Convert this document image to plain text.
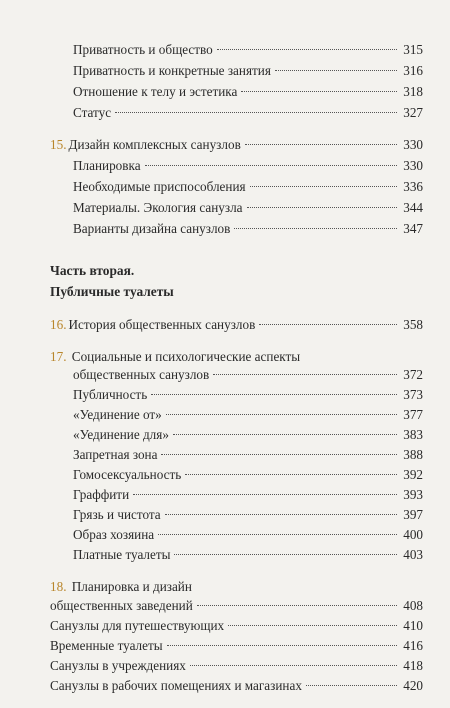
Приватность и общество	315
Приватность и конкретные занятия	316
Отношение к телу и эстетика	318
Статус	327
15. Дизайн комплексных санузлов	330
Планировка	330
Необходимые приспособления	336
Материалы. Экология санузла	344
Варианты дизайна санузлов	347
Часть вторая.
Публичные туалеты
16. История общественных санузлов	358
17. Социальные и психологические аспекты
общественных санузлов	372
Публичность	373
«Уединение от»	377
«Уединение для»	383
Запретная зона	388
Гомосексуальность	392
Граффити	393
Грязь и чистота	397
Образ хозяина	400
Платные туалеты	403
18. Планировка и дизайн
общественных заведений	408
Санузлы для путешествующих	410
Временные туалеты	416
Санузлы в учреждениях	418
Санузлы в рабочих помещениях и магазинах	420
